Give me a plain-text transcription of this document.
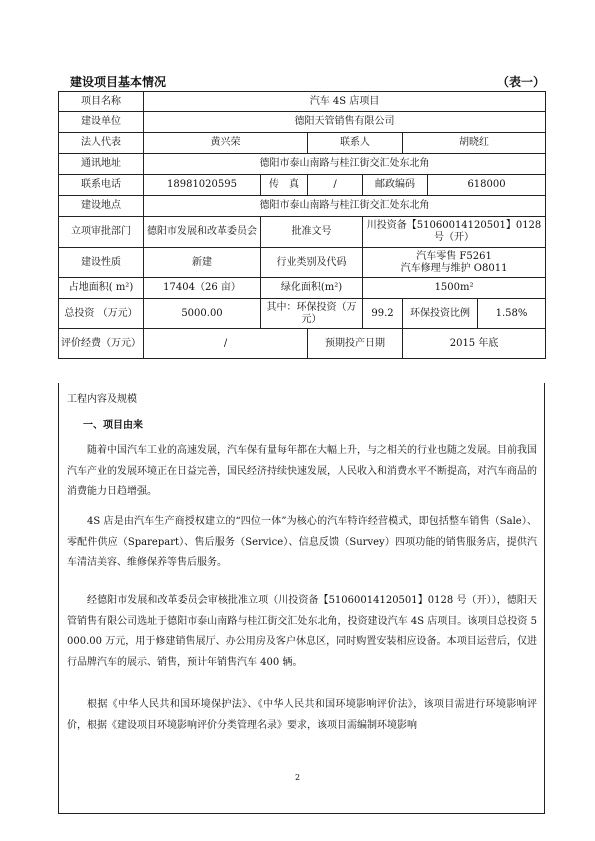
建设项目基本情况	（表一）
项目名称	汽车 4S 店项目						
建设单位	德阳天管销售有限公司						
法人代表	黄兴荣		联系人		胡晓红		
通讯地址	德阳市泰山南路与桂江街交汇处东北角						
联系电话	18981020595	传　真	/	邮政编码		618000	
建设地点	德阳市泰山南路与桂江街交汇处东北角						
立项审批部门	德阳市发展和改革委员会	批准文号		川投资备【51060014120501】0128 号（开）			
建设性质	新建	行业类别及代码		汽车零售 F5261
汽车修理与维护 O8011			

占地面积( m²)	17404（26 亩）	绿化面积(m²)		1500m²			
总投资 （万元）	5000.00	其中：环保投资（万元）		99.2	环保投资比例		1.58%
评价经费（万元）	/		预期投产日期		2015 年底		
工程内容及规模
一、项目由来

随着中国汽车工业的高速发展，汽车保有量每年都在大幅上升，与之相关的行业也随之发展。目前我国汽车产业的发展环境正在日益完善，国民经济持续快速发展，人民收入和消费水平不断提高，对汽车商品的消费能力日趋增强。

4S 店是由汽车生产商授权建立的“四位一体”为核心的汽车特许经营模式，即包括整车销售（Sale）、零配件供应（Sparepart）、售后服务（Service）、信息反馈（Survey）四项功能的销售服务店，提供汽车清洁美容、维修保养等售后服务。

经德阳市发展和改革委员会审核批准立项（川投资备【51060014120501】0128 号（开）），德阳天管销售有限公司选址于德阳市泰山南路与桂江街交汇处东北角，投资建设汽车 4S 店项目。该项目总投资 5000.00 万元，用于修建销售展厅、办公用房及客户休息区，同时购置安装相应设备。本项目运营后，仅进行品牌汽车的展示、销售，预计年销售汽车 400 辆。

根据《中华人民共和国环境保护法》、《中华人民共和国环境影响评价法》，该项目需进行环境影响评价，根据《建设项目环境影响评价分类管理名录》要求，该项目需编制环境影响

2
